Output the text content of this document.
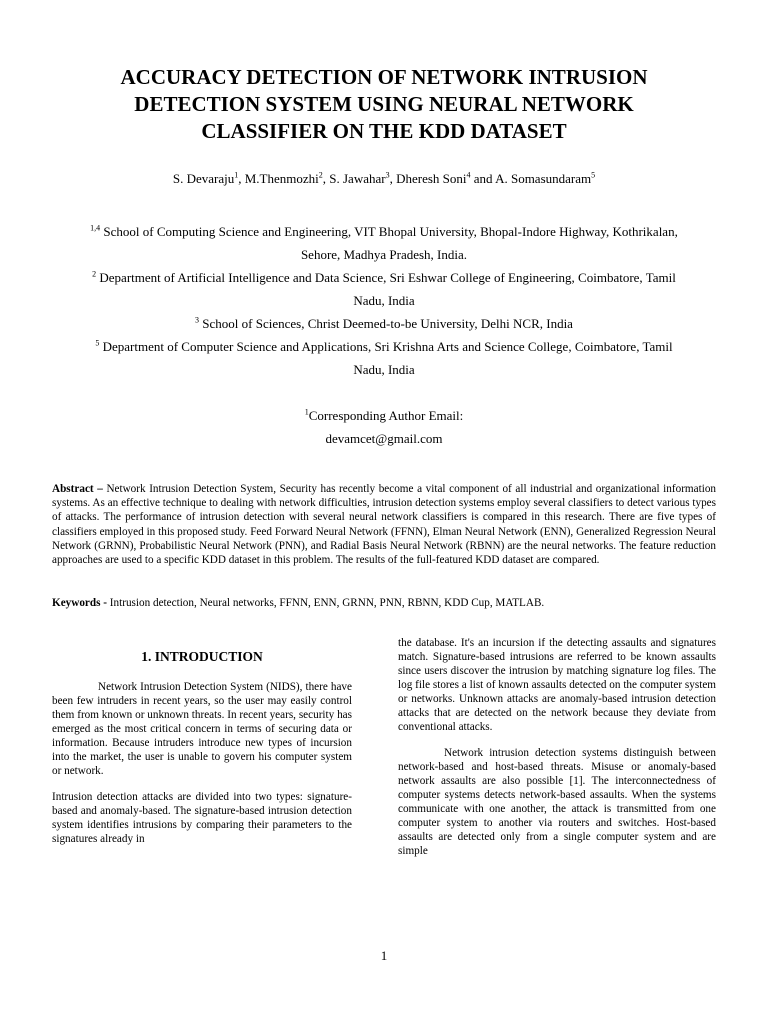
ACCURACY DETECTION OF NETWORK INTRUSION
DETECTION SYSTEM USING NEURAL NETWORK
CLASSIFIER ON THE KDD DATASET
S. Devaraju$^1$, M.Thenmozhi$^2$, S. Jawahar$^3$, Dheresh Soni$^4$ and A. Somasundaram$^5$
$^{1,4}$ School of Computing Science and Engineering, VIT Bhopal University, Bhopal-Indore Highway, Kothrikalan,
Sehore, Madhya Pradesh, India.
$^2$ Department of Artificial Intelligence and Data Science, Sri Eshwar College of Engineering, Coimbatore, Tamil
Nadu, India
$^3$ School of Sciences, Christ Deemed-to-be University, Delhi NCR, India
$^5$ Department of Computer Science and Applications, Sri Krishna Arts and Science College, Coimbatore, Tamil
Nadu, India
$^1$Corresponding Author Email:
devamcet@gmail.com
Abstract – Network Intrusion Detection System, Security has recently become a vital component of all industrial and organizational information systems. As an effective technique to dealing with network difficulties, intrusion detection systems employ several classifiers to detect various types of attacks. The performance of intrusion detection with several neural network classifiers is compared in this research. There are five types of classifiers employed in this proposed study. Feed Forward Neural Network (FFNN), Elman Neural Network (ENN), Generalized Regression Neural Network (GRNN), Probabilistic Neural Network (PNN), and Radial Basis Neural Network (RBNN) are the neural networks. The feature reduction approaches are used to a specific KDD dataset in this problem. The results of the full-featured KDD dataset are compared.
Keywords - Intrusion detection, Neural networks, FFNN, ENN, GRNN, PNN, RBNN, KDD Cup, MATLAB.
1. INTRODUCTION

Network Intrusion Detection System (NIDS), there have been few intruders in recent years, so the user may easily control them from known or unknown threats. In recent years, security has emerged as the most critical concern in terms of securing data or information. Because intruders introduce new types of incursion into the market, the user is unable to govern his computer system or network.

Intrusion detection attacks are divided into two types: signature-based and anomaly-based. The signature-based intrusion detection system identifies intrusions by comparing their parameters to the signatures already in

the database. It's an incursion if the detecting assaults and signatures match. Signature-based intrusions are referred to be known assaults since users discover the intrusion by matching signature log files. The log file stores a list of known assaults detected on the computer system or networks. Unknown attacks are anomaly-based intrusion detection attacks that are detected on the network because they deviate from conventional attacks.

Network intrusion detection systems distinguish between network-based and host-based threats. Misuse or anomaly-based network assaults are also possible [1]. The interconnectedness of computer systems detects network-based assaults. When the systems communicate with one another, the attack is transmitted from one computer system to another via routers and switches. Host-based assaults are detected only from a single computer system and are simple

1
